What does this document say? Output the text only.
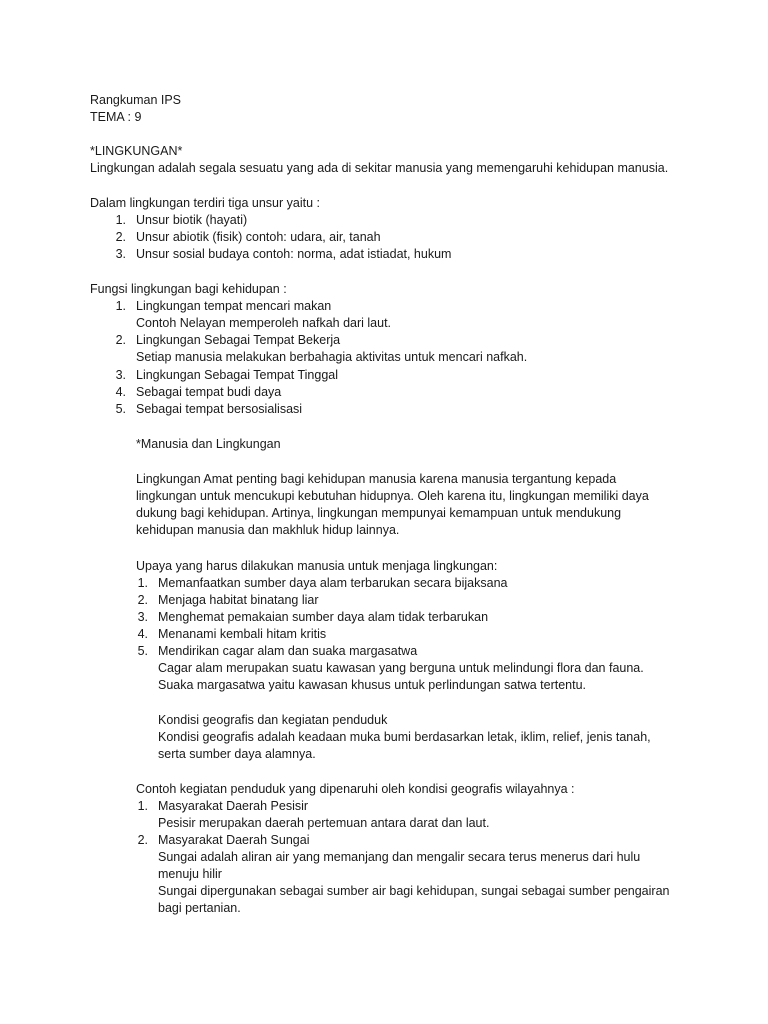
Rangkuman IPS
TEMA : 9
*LINGKUNGAN*
Lingkungan adalah segala sesuatu yang ada di sekitar manusia yang memengaruhi kehidupan manusia.
Dalam lingkungan terdiri tiga unsur yaitu :
1. Unsur biotik (hayati)
2. Unsur abiotik (fisik) contoh: udara, air, tanah
3. Unsur sosial budaya contoh: norma, adat istiadat, hukum
Fungsi lingkungan bagi kehidupan :
1. Lingkungan tempat mencari makan
Contoh Nelayan memperoleh nafkah dari laut.
2. Lingkungan Sebagai Tempat Bekerja
Setiap manusia melakukan berbahagia aktivitas untuk mencari nafkah.
3. Lingkungan Sebagai Tempat Tinggal
4. Sebagai tempat budi daya
5. Sebagai tempat bersosialisasi
*Manusia dan Lingkungan
Lingkungan Amat penting bagi kehidupan manusia karena manusia tergantung kepada
lingkungan untuk mencukupi kebutuhan hidupnya. Oleh karena itu, lingkungan memiliki daya
dukung bagi kehidupan. Artinya, lingkungan mempunyai kemampuan untuk mendukung
kehidupan manusia dan makhluk hidup lainnya.
Upaya yang harus dilakukan manusia untuk menjaga lingkungan:
1. Memanfaatkan sumber daya alam terbarukan secara bijaksana
2. Menjaga habitat binatang liar
3. Menghemat pemakaian sumber daya alam tidak terbarukan
4. Menanami kembali hitam kritis
5. Mendirikan cagar alam dan suaka margasatwa
Cagar alam merupakan suatu kawasan yang berguna untuk melindungi flora dan fauna.
Suaka margasatwa yaitu kawasan khusus untuk perlindungan satwa tertentu.
Kondisi geografis dan kegiatan penduduk
Kondisi geografis adalah keadaan muka bumi berdasarkan letak, iklim, relief, jenis tanah,
serta sumber daya alamnya.
Contoh kegiatan penduduk yang dipenaruhi oleh kondisi geografis wilayahnya :
1. Masyarakat Daerah Pesisir
Pesisir merupakan daerah pertemuan antara darat dan laut.
2. Masyarakat Daerah Sungai
Sungai adalah aliran air yang memanjang dan mengalir secara terus menerus dari hulu
menuju hilir
Sungai dipergunakan sebagai sumber air bagi kehidupan, sungai sebagai sumber pengairan
bagi pertanian.
